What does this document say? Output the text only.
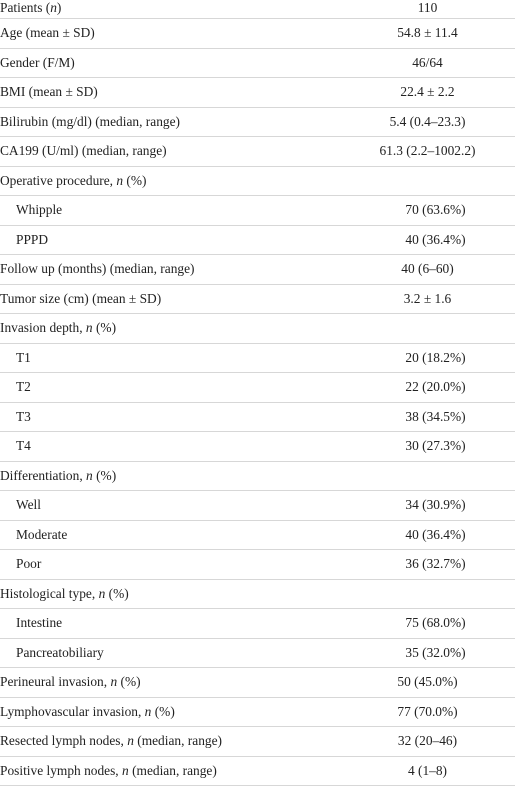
Patients (n)	110
Age (mean ± SD)	54.8 ± 11.4
Gender (F/M)	46/64
BMI (mean ± SD)	22.4 ± 2.2
Bilirubin (mg/dl) (median, range)	5.4 (0.4–23.3)
CA199 (U/ml) (median, range)	61.3 (2.2–1002.2)
Operative procedure, n (%)
Whipple	70 (63.6%)
PPPD	40 (36.4%)
Follow up (months) (median, range)	40 (6–60)
Tumor size (cm) (mean ± SD)	3.2 ± 1.6
Invasion depth, n (%)
T1	20 (18.2%)
T2	22 (20.0%)
T3	38 (34.5%)
T4	30 (27.3%)
Differentiation, n (%)
Well	34 (30.9%)
Moderate	40 (36.4%)
Poor	36 (32.7%)
Histological type, n (%)
Intestine	75 (68.0%)
Pancreatobiliary	35 (32.0%)
Perineural invasion, n (%)	50 (45.0%)
Lymphovascular invasion, n (%)	77 (70.0%)
Resected lymph nodes, n (median, range)	32 (20–46)
Positive lymph nodes, n (median, range)	4 (1–8)
